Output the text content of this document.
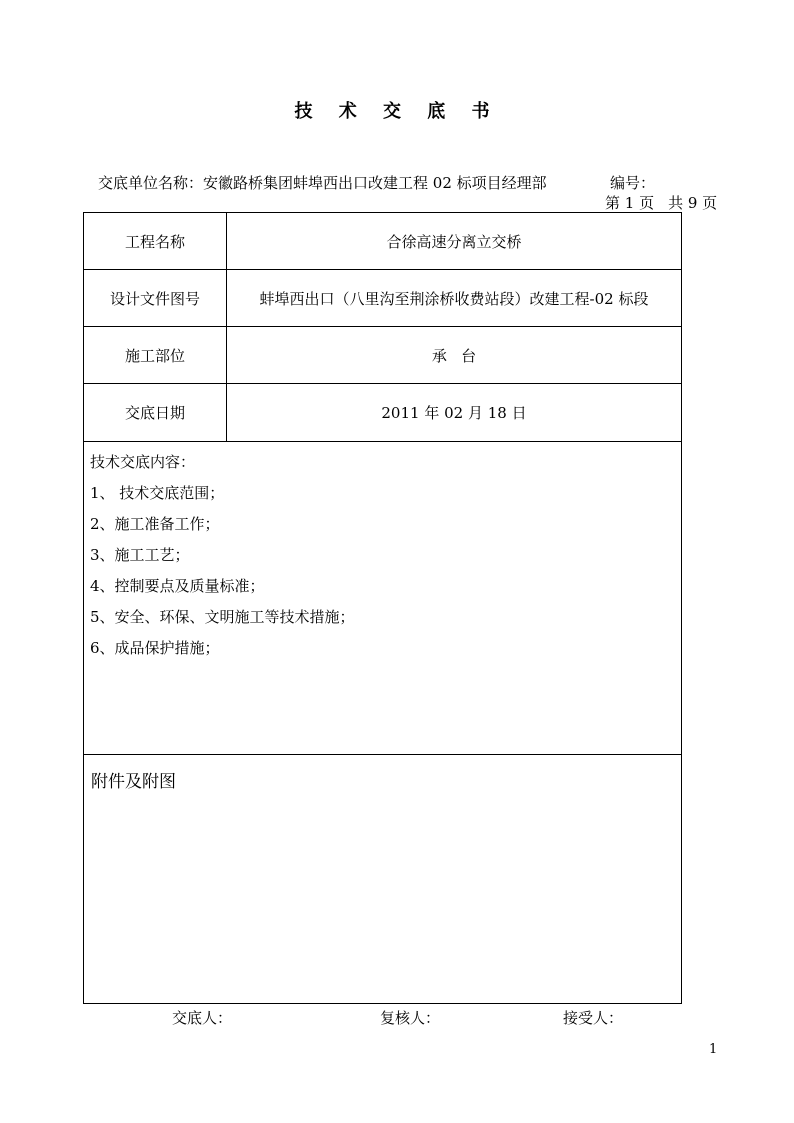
技 术 交 底 书
交底单位名称：安徽路桥集团蚌埠西出口改建工程 02 标项目经理部	编号：
第 1 页 共 9 页
工程名称	合徐高速分离立交桥
设计文件图号	蚌埠西出口（八里沟至荆涂桥收费站段）改建工程-02 标段
施工部位	承   台
交底日期	2011 年 02 月 18 日
技术交底内容：
1、 技术交底范围；
2、施工准备工作；
3、施工工艺；
4、控制要点及质量标准；
5、安全、环保、文明施工等技术措施；
6、成品保护措施；
附件及附图
交底人：	复核人：	接受人：
1
